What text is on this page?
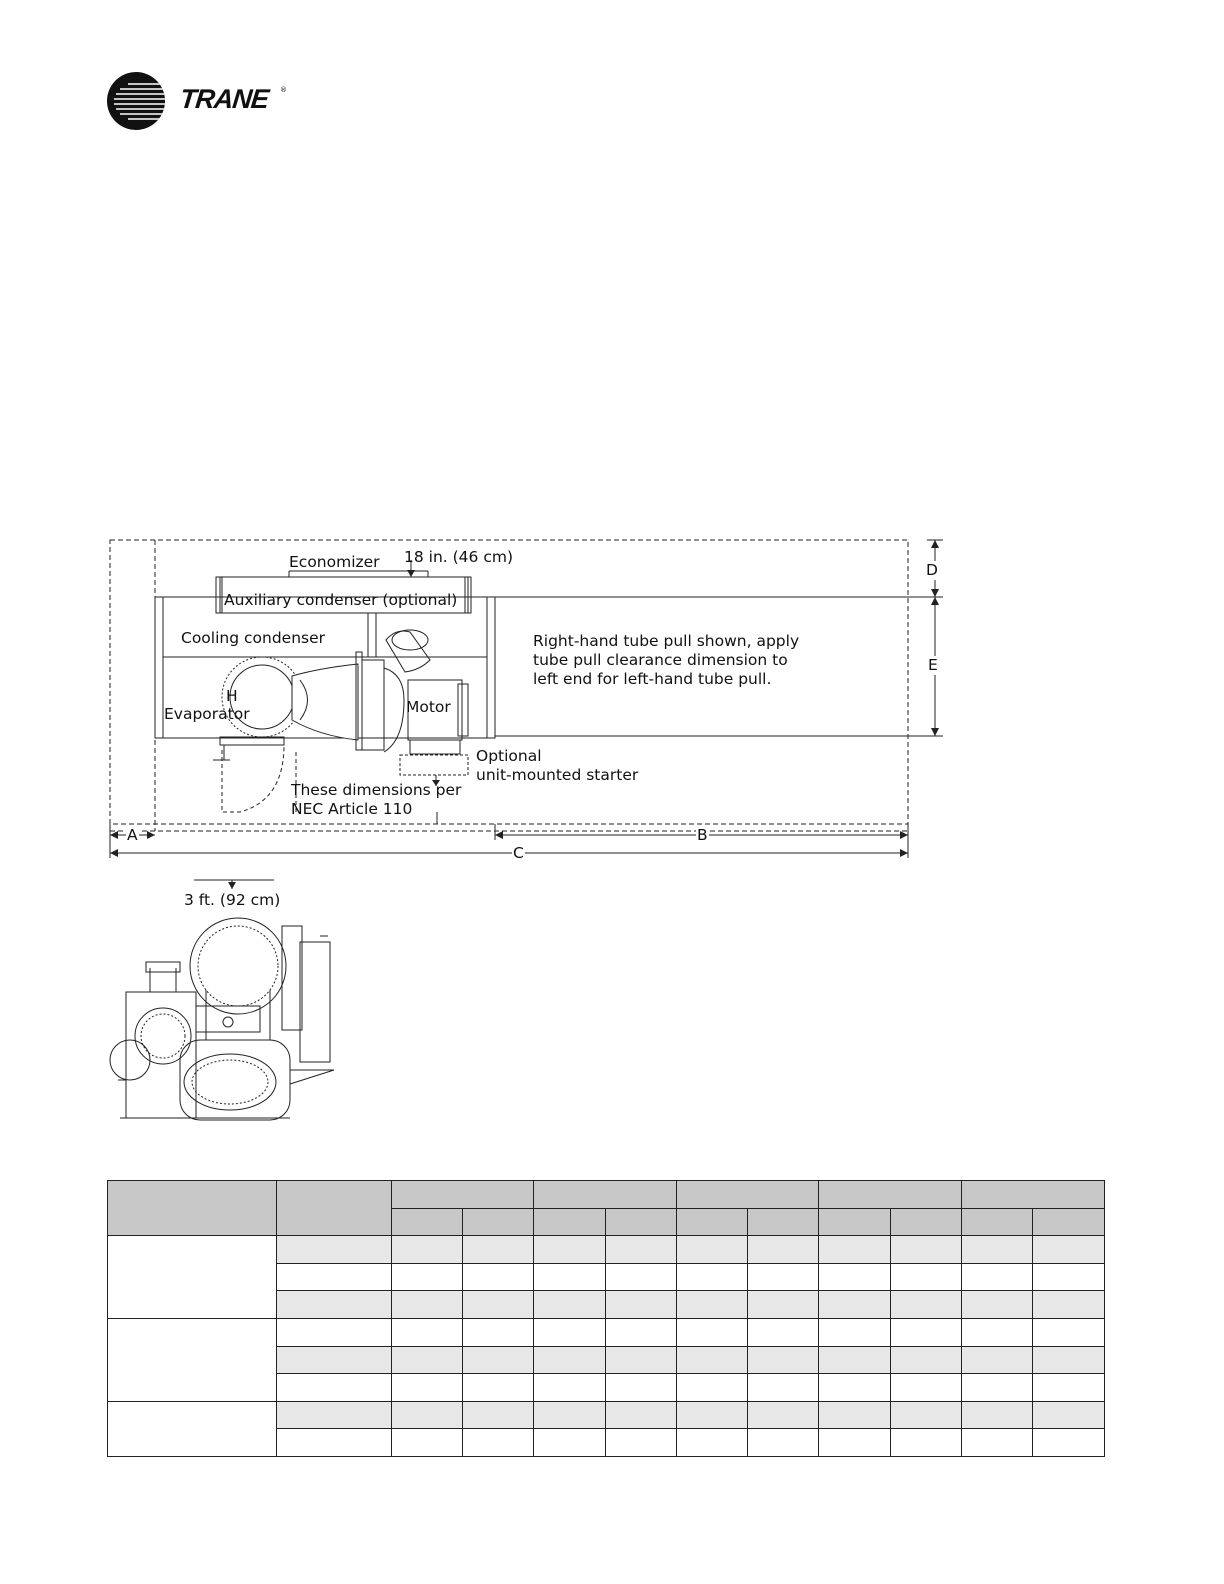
TRANE ®
18 in. (46 cm)
Economizer
Auxiliary condenser (optional)
Cooling condenser	Right-hand tube pull shown, apply
tube pull clearance dimension to
left end for left-hand tube pull.
H
Evaporator	Motor
Optional
unit-mounted starter
These dimensions per
NEC Article 110
D
E
A	B
C
3 ft. (92 cm)
